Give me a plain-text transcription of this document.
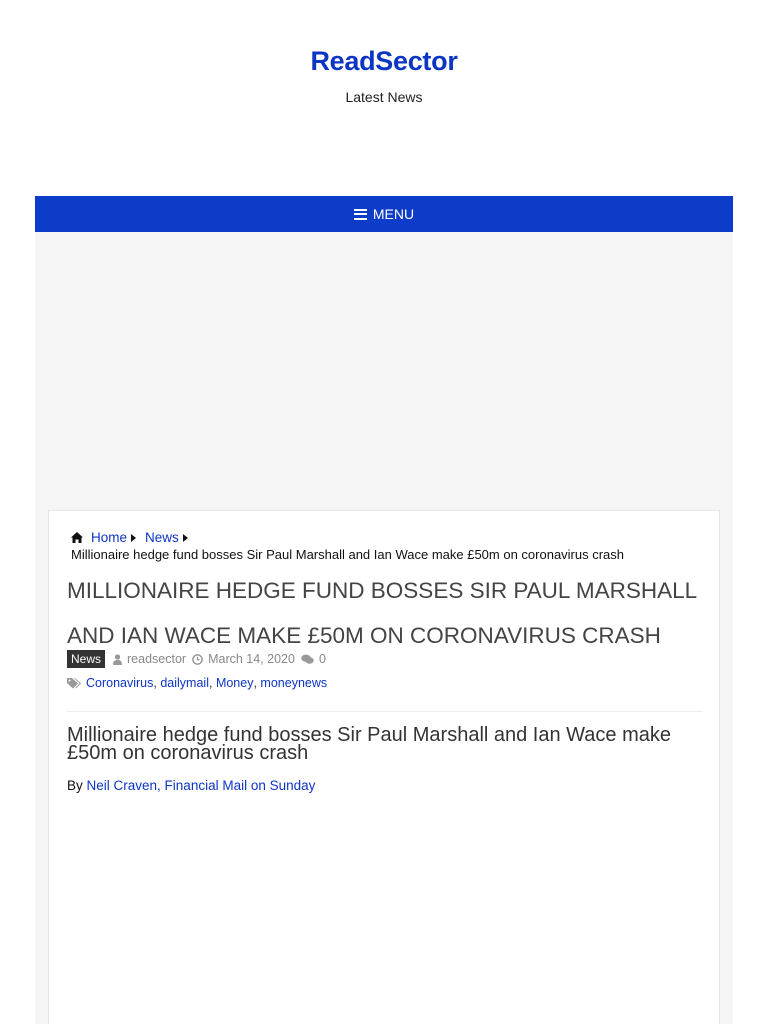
ReadSector
Latest News
MENU
Home News
Millionaire hedge fund bosses Sir Paul Marshall and Ian Wace make £50m on coronavirus crash
MILLIONAIRE HEDGE FUND BOSSES SIR PAUL MARSHALL AND IAN WACE MAKE £50M ON CORONAVIRUS CRASH
News	readsector March 14, 2020 0
Coronavirus , dailymail , Money , moneynews
Millionaire hedge fund bosses Sir Paul Marshall and Ian Wace make £50m on coronavirus crash
By Neil Craven, Financial Mail on Sunday
